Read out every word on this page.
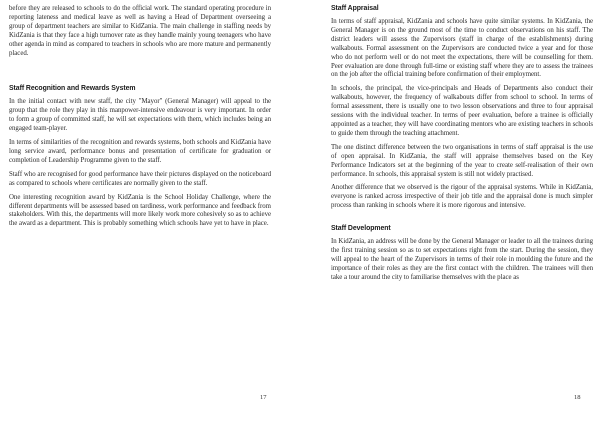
before they are released to schools to do the official work. The standard operating procedure in reporting lateness and medical leave as well as having a Head of Department overseeing a group of department teachers are similar to KidZania. The main challenge in staffing needs by KidZania is that they face a high turnover rate as they handle mainly young teenagers who have other agenda in mind as compared to teachers in schools who are more mature and permanently placed.

Staff Recognition and Rewards System

In the initial contact with new staff, the city "Mayor" (General Manager) will appeal to the group that the role they play in this manpower-intensive endeavour is very important. In order to form a group of committed staff, he will set expectations with them, which includes being an engaged team-player.

In terms of similarities of the recognition and rewards systems, both schools and KidZania have long service award, performance bonus and presentation of certificate for graduation or completion of Leadership Programme given to the staff.

Staff who are recognised for good performance have their pictures displayed on the noticeboard as compared to schools where certificates are normally given to the staff.

One interesting recognition award by KidZania is the School Holiday Challenge, where the different departments will be assessed based on tardiness, work performance and feedback from stakeholders. With this, the departments will more likely work more cohesively so as to achieve the award as a department. This is probably something which schools have yet to have in place.

17
Staff Appraisal

In terms of staff appraisal, KidZania and schools have quite similar systems. In KidZania, the General Manager is on the ground most of the time to conduct observations on his staff. The district leaders will assess the Zupervisors (staff in charge of the establishments) during walkabouts. Formal assessment on the Zupervisors are conducted twice a year and for those who do not perform well or do not meet the expectations, there will be counselling for them. Peer evaluation are done through full-time or existing staff where they are to assess the trainees on the job after the official training before confirmation of their employment.

In schools, the principal, the vice-principals and Heads of Departments also conduct their walkabouts, however, the frequency of walkabouts differ from school to school. In terms of formal assessment, there is usually one to two lesson observations and three to four appraisal sessions with the individual teacher. In terms of peer evaluation, before a trainee is officially appointed as a teacher, they will have coordinating mentors who are existing teachers in schools to guide them through the teaching attachment.

The one distinct difference between the two organisations in terms of staff appraisal is the use of open appraisal. In KidZania, the staff will appraise themselves based on the Key Performance Indicators set at the beginning of the year to create self-realisation of their own performance. In schools, this appraisal system is still not widely practised.

Another difference that we observed is the rigour of the appraisal systems. While in KidZania, everyone is ranked across irrespective of their job title and the appraisal done is much simpler process than ranking in schools where it is more rigorous and intensive.

Staff Development

In KidZania, an address will be done by the General Manager or leader to all the trainees during the first training session so as to set expectations right from the start. During the session, they will appeal to the heart of the Zupervisors in terms of their role in moulding the future and the importance of their roles as they are the first contact with the children. The trainees will then take a tour around the city to familiarise themselves with the place as

18
